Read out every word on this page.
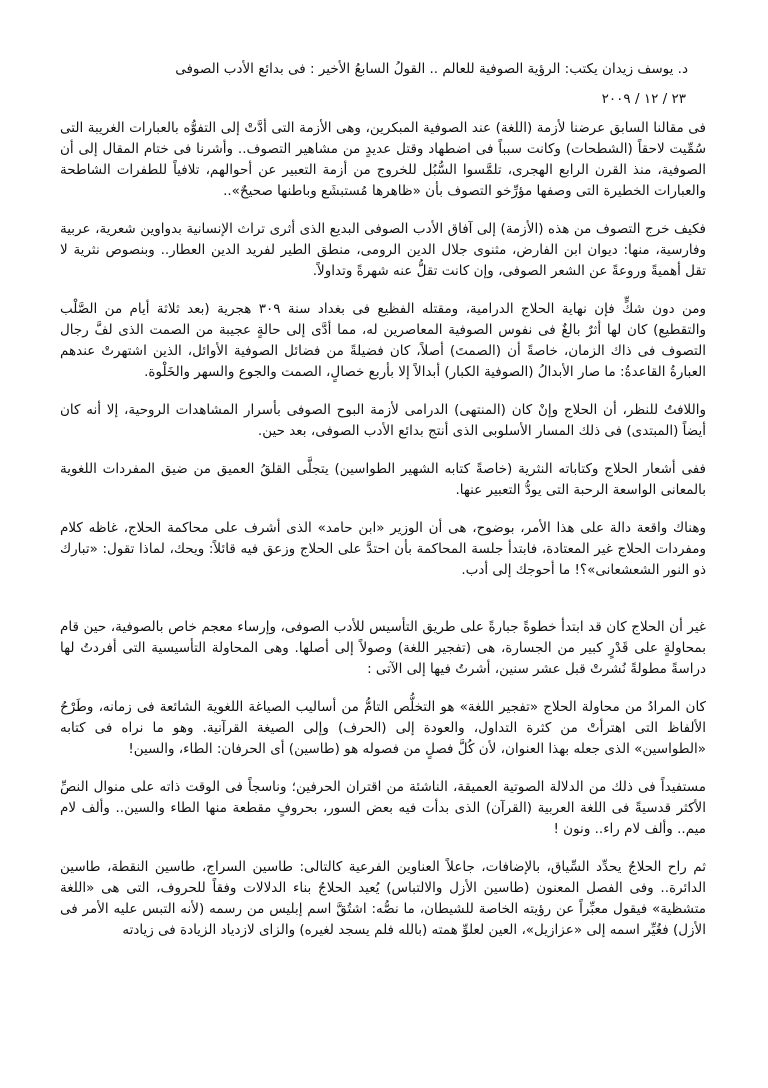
د. يوسف زيدان يكتب: الرؤية الصوفية للعالم .. القولُ السابعُ الأخير : فى بدائع الأدب الصوفى
٢٣ / ١٢ / ٢٠٠٩

فى مقالنا السابق عرضنا لأزمة (اللغة) عند الصوفية المبكرين، وهى الأزمة التى أدَّتْ إلى التفوُّه بالعبارات الغريبة التى سُمِّيت لاحقاً (الشطحات) وكانت سبباً فى اضطهاد وقتل عديدٍ من مشاهير التصوف.. وأشرنا فى ختام المقال إلى أن الصوفية، منذ القرن الرابع الهجرى، تلمَّسوا السُّبُل للخروج من أزمة التعبير عن أحوالهم، تلافياً للطفرات الشاطحة والعبارات الخطيرة التى وصفها مؤرِّخو التصوف بأن «ظاهرها مُستبشَع وباطنها صحيحٌ»..

فكيف خرج التصوف من هذه (الأزمة) إلى آفاق الأدب الصوفى البديع الذى أثرى تراث الإنسانية بدواوين شعرية، عربية وفارسية، منها: ديوان ابن الفارض، مثنوى جلال الدين الرومى، منطق الطير لفريد الدين العطار.. وبنصوص نثرية لا تقل أهميةً وروعةً عن الشعر الصوفى، وإن كانت تقلُّ عنه شهرةً وتداولاً.

ومن دون شكٍّ فإن نهاية الحلاج الدرامية، ومقتله الفظيع فى بغداد سنة ٣٠٩ هجرية (بعد ثلاثة أيام من الصَّلْب والتقطيع) كان لها أثرٌ بالغٌ فى نفوس الصوفية المعاصرين له، مما أدَّى إلى حالةٍ عجيبة من الصمت الذى لفَّ رجال التصوف فى ذاك الزمان، خاصةً أن (الصمتَ) أصلاً، كان فضيلةً من فضائل الصوفية الأوائل، الذين اشتهرتْ عندهم العبارةُ القاعدةُ: ما صار الأبدالُ (الصوفية الكبار) أبدالاً إلا بأربع خصالٍ، الصمت والجوع والسهر والخَلْوة.

واللافتُ للنظر، أن الحلاج وإنْ كان (المنتهى) الدرامى لأزمة البوح الصوفى بأسرار المشاهدات الروحية، إلا أنه كان أيضاً (المبتدى) فى ذلك المسار الأسلوبى الذى أنتج بدائع الأدب الصوفى، بعد حين.

ففى أشعار الحلاج وكتاباته النثرية (خاصةً كتابه الشهير الطواسين) يتجلَّى القلقُ العميق من ضيق المفردات اللغوية بالمعانى الواسعة الرحبة التى يودُّ التعبير عنها.

وهناك واقعة دالة على هذا الأمر، بوضوح، هى أن الوزير «ابن حامد» الذى أشرف على محاكمة الحلاج، غاظه كلام ومفردات الحلاج غير المعتادة، فابتدأ جلسة المحاكمة بأن احتدَّ على الحلاج وزعق فيه قائلاً: ويحك، لماذا تقول: «تبارك ذو النور الشعشعانى»؟! ما أحوجك إلى أدب.

غير أن الحلاج كان قد ابتدأ خطوةً جبارةً على طريق التأسيس للأدب الصوفى، وإرساء معجم خاص بالصوفية، حين قام بمحاولةٍ على قَدْرٍ كبير من الجسارة، هى (تفجير اللغة) وصولاً إلى أصلها. وهى المحاولة التأسيسية التى أفردتُ لها دراسةً مطولةً نُشرتْ قبل عشر سنين، أشرتُ فيها إلى الآتى :

كان المرادُ من محاولة الحلاج «تفجير اللغة» هو التخلُّص التامُّ من أساليب الصياغة اللغوية الشائعة فى زمانه، وطَرْحُ الألفاظ التى اهترأتْ من كثرة التداول، والعودة إلى (الحرف) وإلى الصيغة القرآنية. وهو ما نراه فى كتابه «الطواسين» الذى جعله بهذا العنوان، لأن كُلَّ فصلٍ من فصوله هو (طاسين) أى الحرفان: الطاء، والسين!

مستفيداً فى ذلك من الدلالة الصوتية العميقة، الناشئة من اقتران الحرفين؛ وناسجاً فى الوقت ذاته على منوال النصِّ الأكثر قدسيةً فى اللغة العربية (القرآن) الذى بدأت فيه بعض السور، بحروفٍ مقطعة منها الطاء والسين.. وألف لام ميم.. وألف لام راء.. ونون !

ثم راح الحلاجُ يحدِّد السِّياق، بالإضافات، جاعلاً العناوين الفرعية كالتالى: طاسين السراج، طاسين النقطة، طاسين الدائرة.. وفى الفصل المعنون (طاسين الأزل والالتباس) يُعيد الحلاجُ بناء الدلالات وفقاً للحروف، التى هى «اللغة متشظية» فيقول معبِّراً عن رؤيته الخاصة للشيطان، ما نصُّه: اشتُقَّ اسم إبليس من رسمه (لأنه التبس عليه الأمر فى الأزل) فغُيِّر اسمه إلى «عزازيل»، العين لعلوِّ همته (بالله فلم يسجد لغيره) والزاى لازدياد الزيادة فى زيادته
